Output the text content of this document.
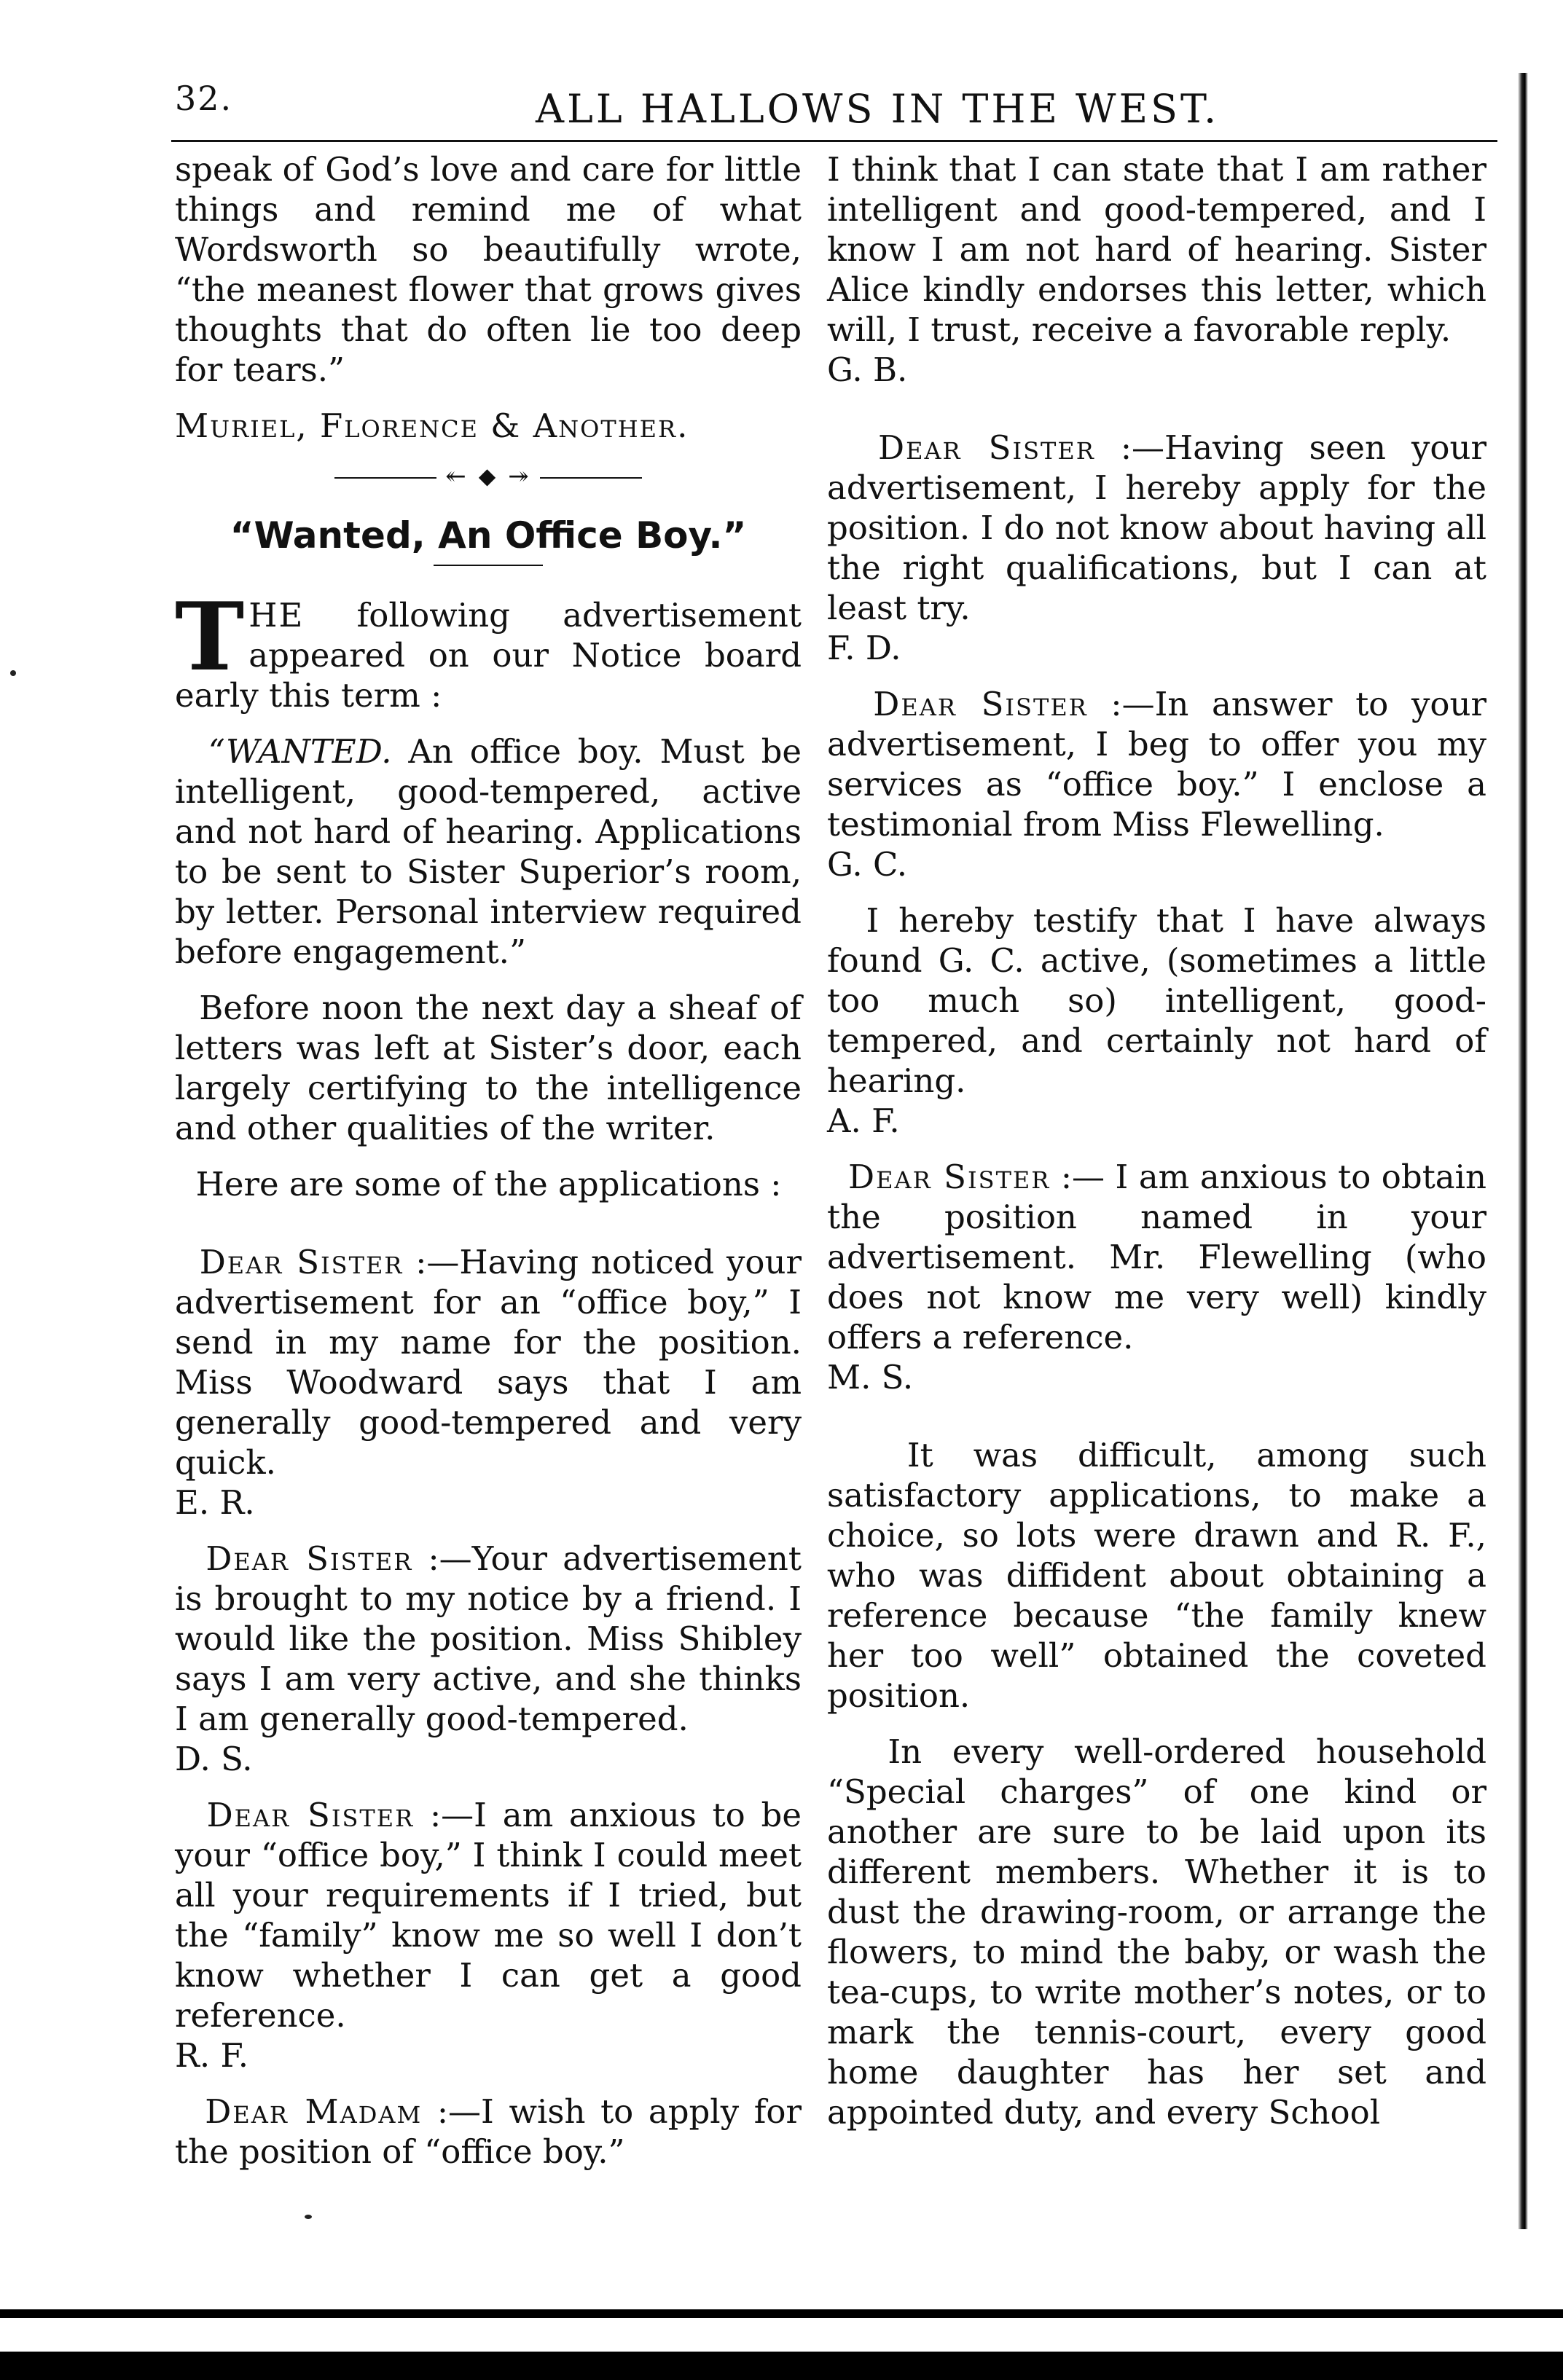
32.	ALL HALLOWS IN THE WEST.

speak of God’s love and care for little things and remind me of what Wordsworth so beautifully wrote, “the meanest flower that grows gives thoughts that do often lie too deep for tears.”

Muriel, Florence & Another.

↞ ⬥ ↠
“Wanted, An Office Boy.”

THE following advertisement appeared on our Notice board early this term :

“WANTED. An office boy. Must be intelligent, good-tempered, active and not hard of hearing. Applications to be sent to Sister Superior’s room, by letter. Personal interview required before engagement.”

Before noon the next day a sheaf of letters was left at Sister’s door, each largely certifying to the intelligence and other qualities of the writer.

Here are some of the applications :

Dear Sister :—Having noticed your advertisement for an “office boy,” I send in my name for the position. Miss Woodward says that I am generally good-tempered and very quick.
E. R.

Dear Sister :—Your advertisement is brought to my notice by a friend. I would like the position. Miss Shibley says I am very active, and she thinks I am generally good-tempered.
D. S.

Dear Sister :—I am anxious to be your “office boy,” I think I could meet all your requirements if I tried, but the “family” know me so well I don’t know whether I can get a good reference.
R. F.

Dear Madam :—I wish to apply for the position of “office boy.”

I think that I can state that I am rather intelligent and good-tempered, and I know I am not hard of hearing. Sister Alice kindly endorses this letter, which will, I trust, receive a favorable reply.
G. B.

Dear Sister :—Having seen your advertisement, I hereby apply for the position. I do not know about having all the right qualifications, but I can at least try.
F. D.

Dear Sister :—In answer to your advertisement, I beg to offer you my services as “office boy.” I enclose a testimonial from Miss Flewelling.
G. C.

I hereby testify that I have always found G. C. active, (sometimes a little too much so) intelligent, good-tempered, and certainly not hard of hearing.
A. F.

Dear Sister :— I am anxious to obtain the position named in your advertisement. Mr. Flewelling (who does not know me very well) kindly offers a reference.
M. S.

It was difficult, among such satisfactory applications, to make a choice, so lots were drawn and R. F., who was diffident about obtaining a reference because “the family knew her too well” obtained the coveted position.

In every well-ordered household “Special charges” of one kind or another are sure to be laid upon its different members. Whether it is to dust the drawing-room, or arrange the flowers, to mind the baby, or wash the tea-cups, to write mother’s notes, or to mark the tennis-court, every good home daughter has her set and appointed duty, and every School
